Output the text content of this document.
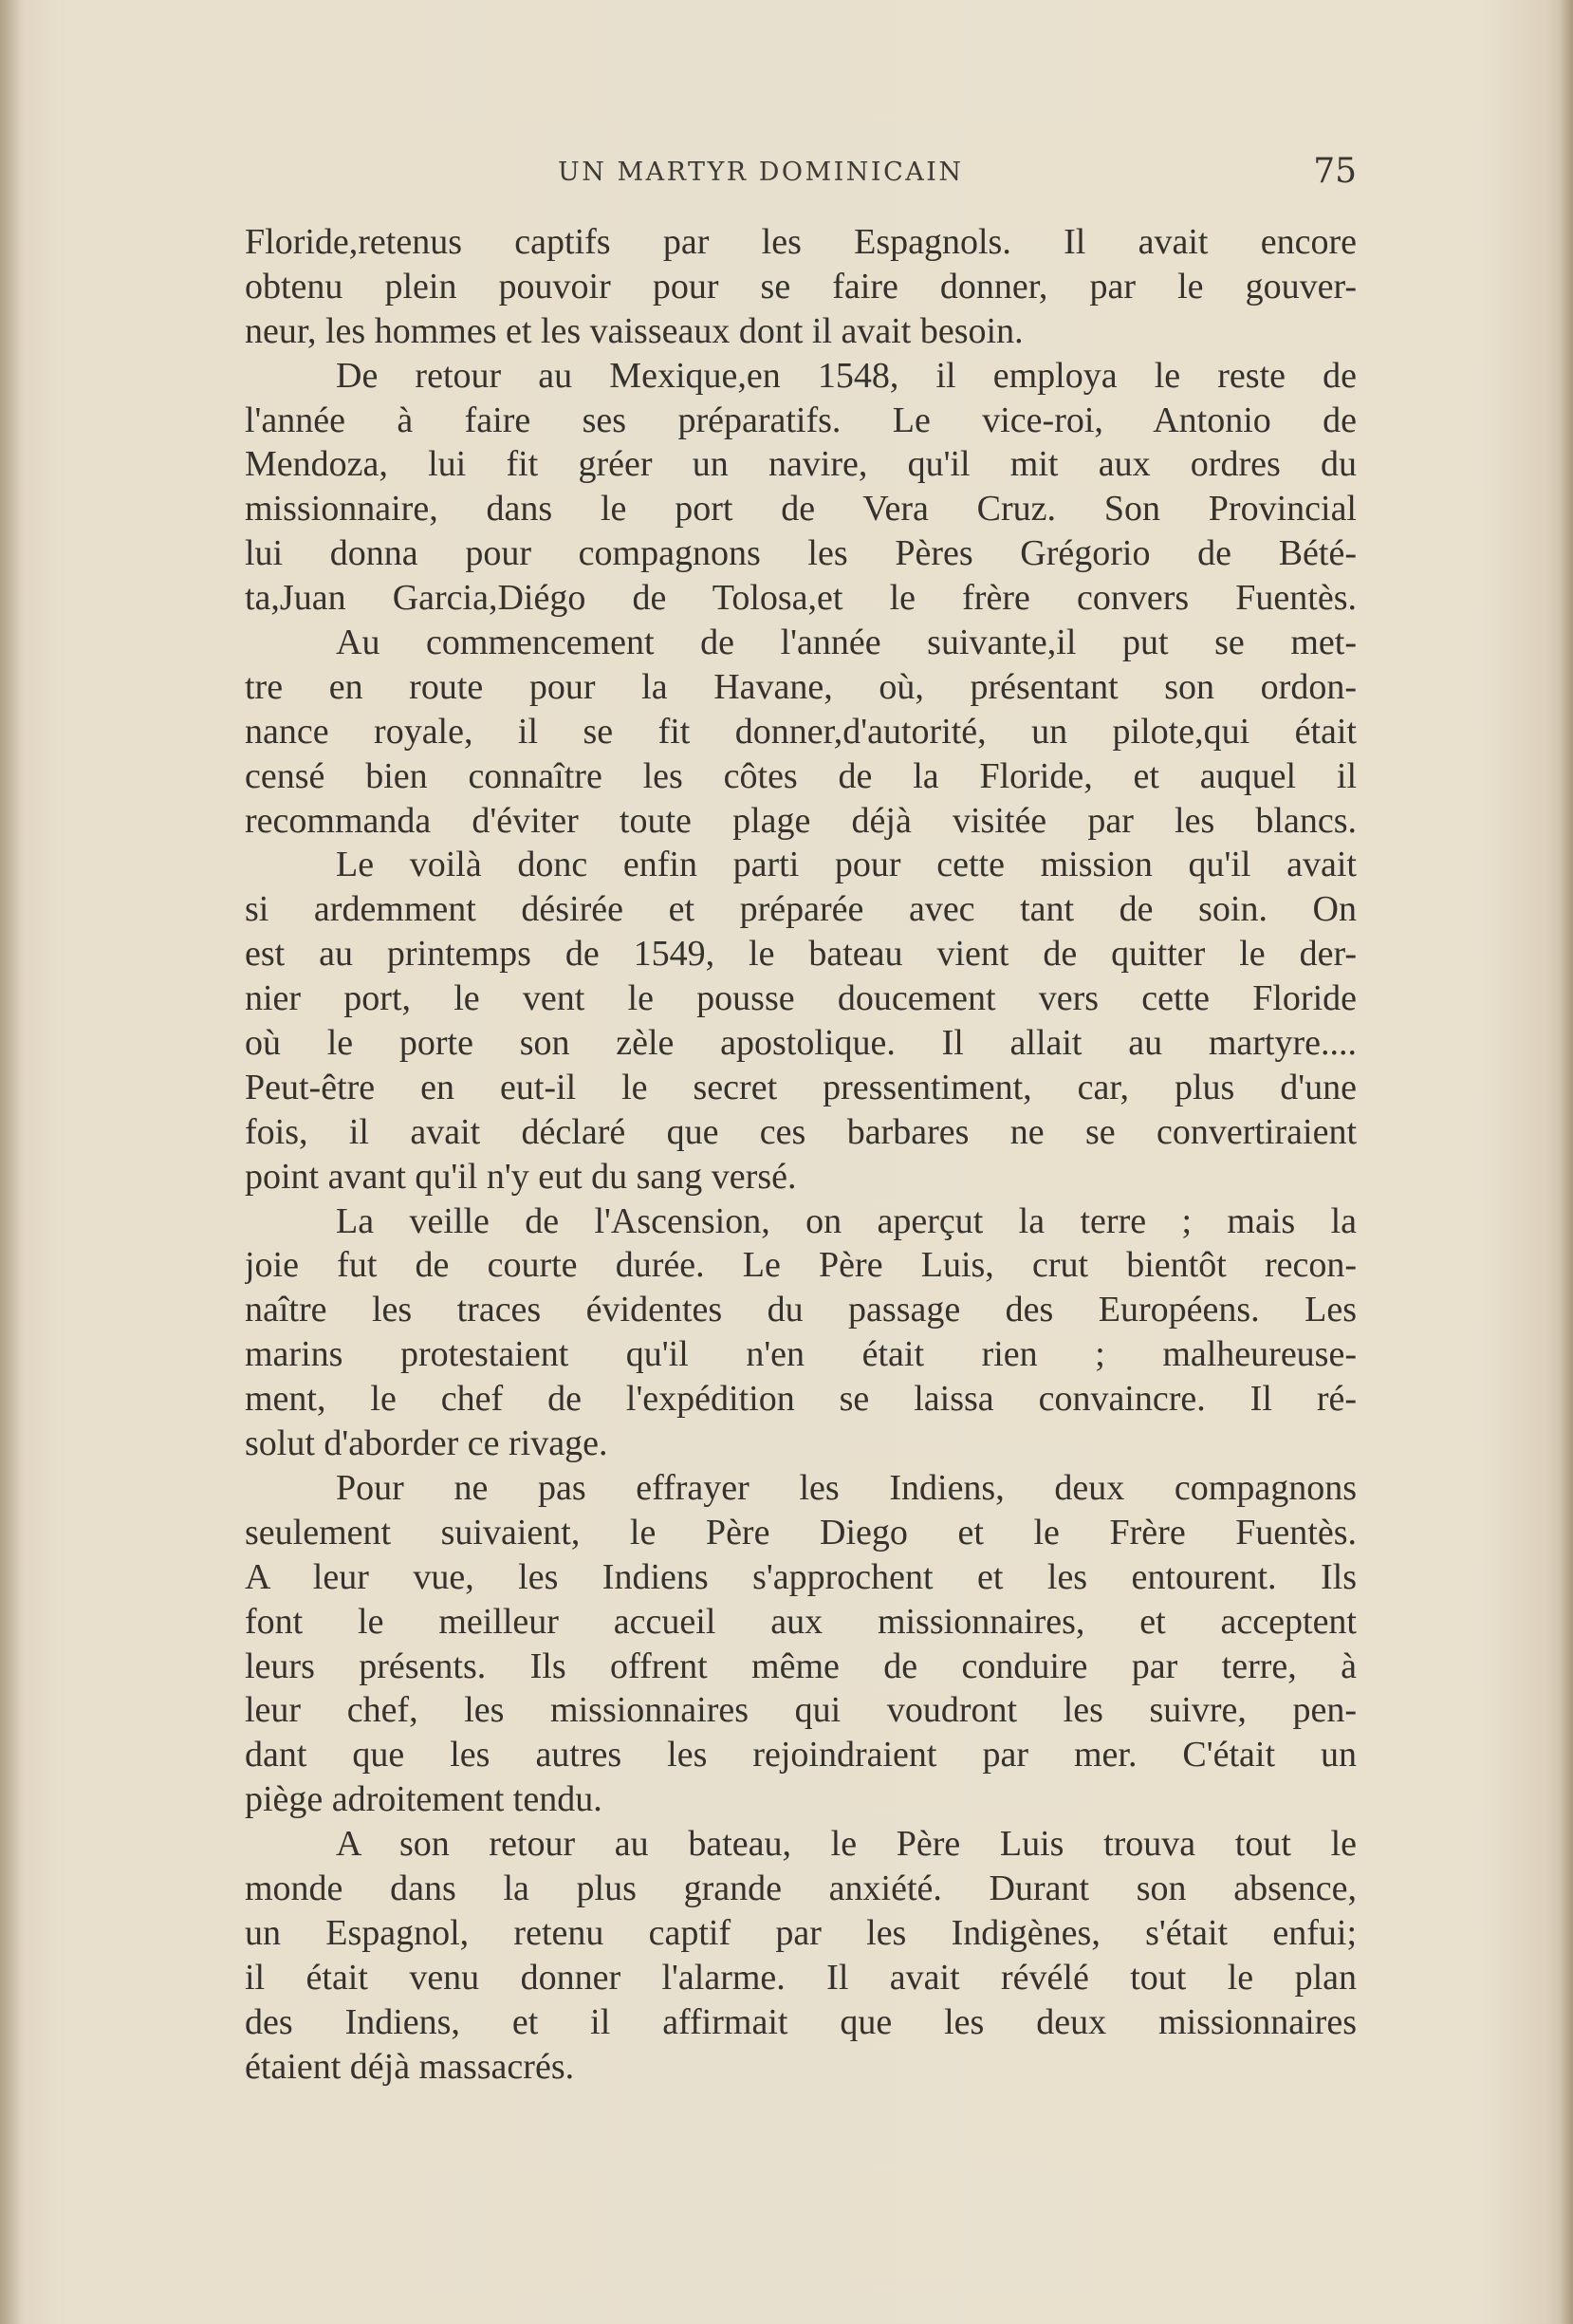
UN MARTYR DOMINICAIN	75
Floride,retenus captifs par les Espagnols. Il avait encore
obtenu plein pouvoir pour se faire donner, par le gouver-
neur, les hommes et les vaisseaux dont il avait besoin.
De retour au Mexique,en 1548, il employa le reste de
l'année à faire ses préparatifs. Le vice-roi, Antonio de
Mendoza, lui fit gréer un navire, qu'il mit aux ordres du
missionnaire, dans le port de Vera Cruz. Son Provincial
lui donna pour compagnons les Pères Grégorio de Bété-
ta,Juan Garcia,Diégo de Tolosa,et le frère convers Fuentès.
Au commencement de l'année suivante,il put se met-
tre en route pour la Havane, où, présentant son ordon-
nance royale, il se fit donner,d'autorité, un pilote,qui était
censé bien connaître les côtes de la Floride, et auquel il
recommanda d'éviter toute plage déjà visitée par les blancs.
Le voilà donc enfin parti pour cette mission qu'il avait
si ardemment désirée et préparée avec tant de soin. On
est au printemps de 1549, le bateau vient de quitter le der-
nier port, le vent le pousse doucement vers cette Floride
où le porte son zèle apostolique. Il allait au martyre....
Peut-être en eut-il le secret pressentiment, car, plus d'une
fois, il avait déclaré que ces barbares ne se convertiraient
point avant qu'il n'y eut du sang versé.
La veille de l'Ascension, on aperçut la terre ; mais la
joie fut de courte durée. Le Père Luis, crut bientôt recon-
naître les traces évidentes du passage des Européens. Les
marins protestaient qu'il n'en était rien ; malheureuse-
ment, le chef de l'expédition se laissa convaincre. Il ré-
solut d'aborder ce rivage.
Pour ne pas effrayer les Indiens, deux compagnons
seulement suivaient, le Père Diego et le Frère Fuentès.
A leur vue, les Indiens s'approchent et les entourent. Ils
font le meilleur accueil aux missionnaires, et acceptent
leurs présents. Ils offrent même de conduire par terre, à
leur chef, les missionnaires qui voudront les suivre, pen-
dant que les autres les rejoindraient par mer. C'était un
piège adroitement tendu.
A son retour au bateau, le Père Luis trouva tout le
monde dans la plus grande anxiété. Durant son absence,
un Espagnol, retenu captif par les Indigènes, s'était enfui;
il était venu donner l'alarme. Il avait révélé tout le plan
des Indiens, et il affirmait que les deux missionnaires
étaient déjà massacrés.
